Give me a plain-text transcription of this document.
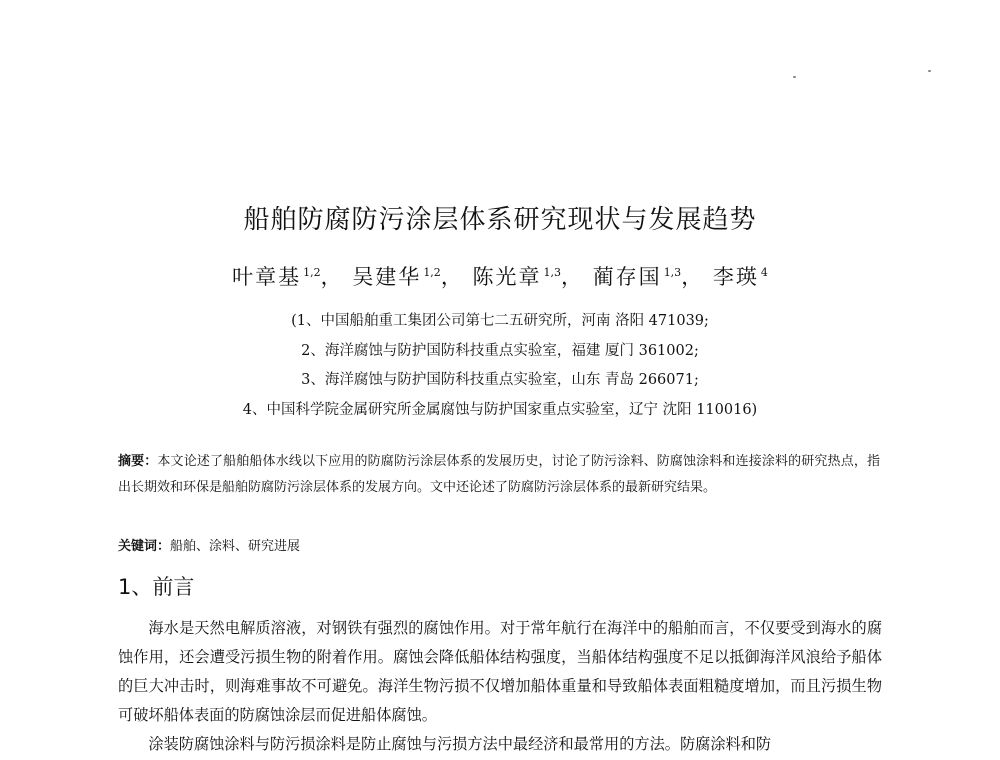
船舶防腐防污涂层体系研究现状与发展趋势
叶章基 $^{1,2}$， 吴建华 $^{1,2}$， 陈光章 $^{1,3}$， 蔺存国 $^{1,3}$， 李瑛 $^4$
(1、中国船舶重工集团公司第七二五研究所，河南 洛阳 471039;
2、海洋腐蚀与防护国防科技重点实验室，福建 厦门 361002;
3、海洋腐蚀与防护国防科技重点实验室，山东 青岛 266071;
4、中国科学院金属研究所金属腐蚀与防护国家重点实验室，辽宁 沈阳 110016)
摘要：本文论述了船舶船体水线以下应用的防腐防污涂层体系的发展历史，讨论了防污涂料、防腐蚀涂料和连接涂料的研究热点，指出长期效和环保是船舶防腐防污涂层体系的发展方向。文中还论述了防腐防污涂层体系的最新研究结果。
关键词：船舶、涂料、研究进展
1、前言

海水是天然电解质溶液，对钢铁有强烈的腐蚀作用。对于常年航行在海洋中的船舶而言，不仅要受到海水的腐蚀作用，还会遭受污损生物的附着作用。腐蚀会降低船体结构强度，当船体结构强度不足以抵御海洋风浪给予船体的巨大冲击时，则海难事故不可避免。海洋生物污损不仅增加船体重量和导致船体表面粗糙度增加，而且污损生物可破坏船体表面的防腐蚀涂层而促进船体腐蚀。

涂装防腐蚀涂料与防污损涂料是防止腐蚀与污损方法中最经济和最常用的方法。防腐涂料和防
